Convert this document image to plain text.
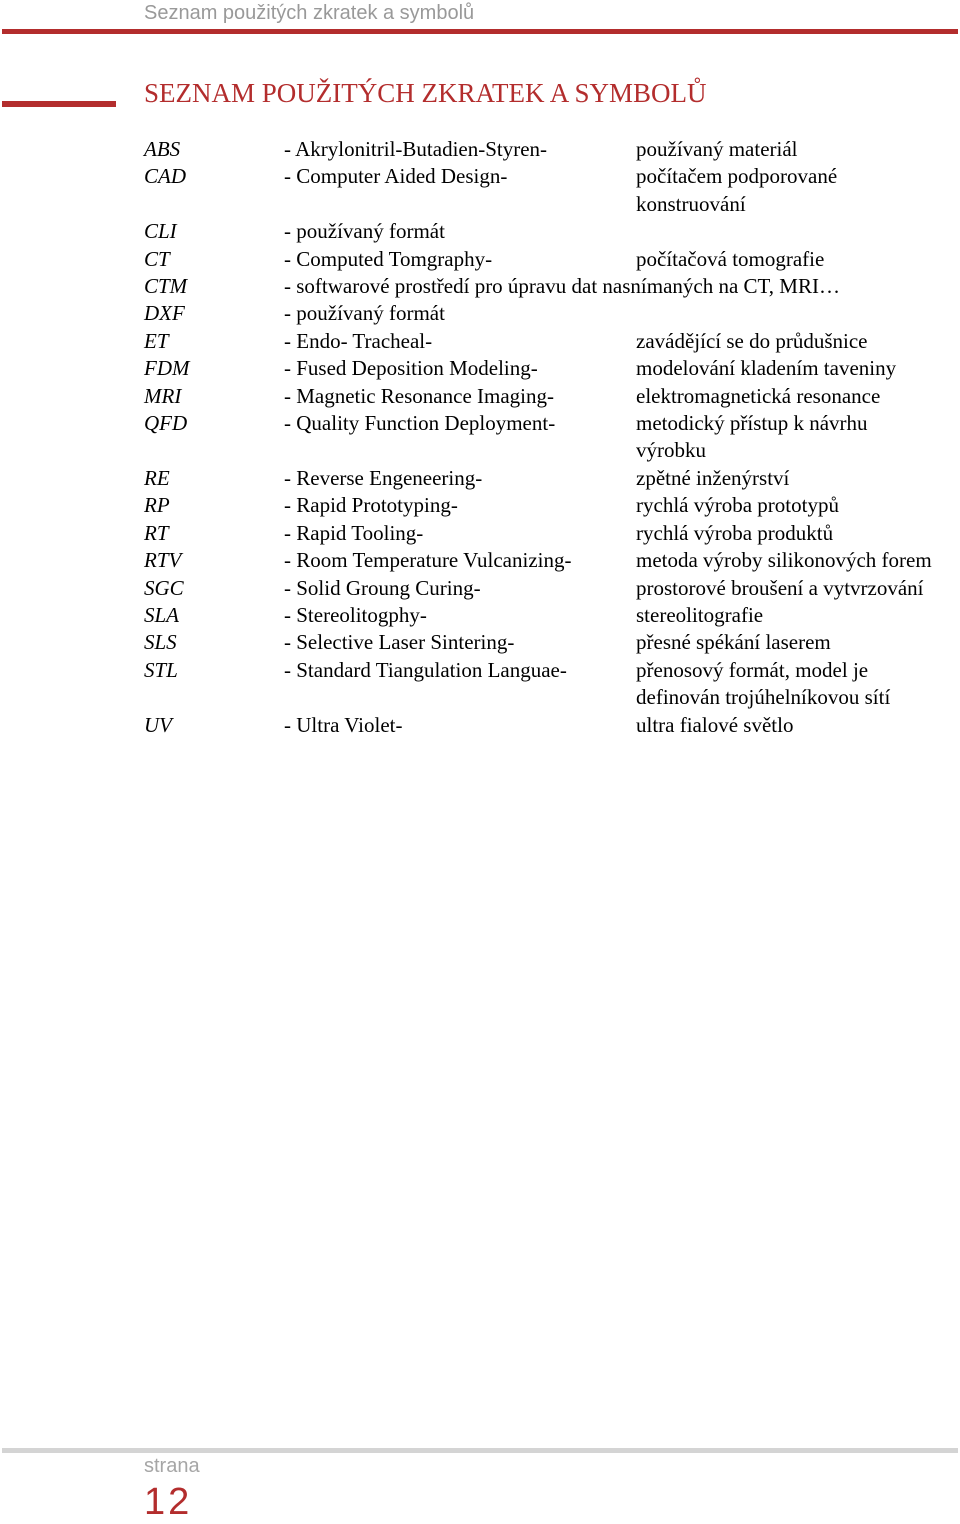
Seznam použitých zkratek a symbolů
SEZNAM POUŽITÝCH ZKRATEK A SYMBOLŮ
ABS	- Akrylonitril-Butadien-Styren-	používaný materiál
CAD	- Computer Aided Design-	počítačem podporované konstruování
CLI	- používaný formát

CT	- Computed Tomgraphy-	počítačová tomografie
CTM	- softwarové prostředí pro úpravu dat nasnímaných na CT, MRI…
DXF	- používaný formát

ET	- Endo- Tracheal-	zavádějící se do průdušnice
FDM	- Fused Deposition Modeling-	modelování kladením taveniny
MRI	- Magnetic Resonance Imaging-	elektromagnetická resonance
QFD	- Quality Function Deployment-	metodický přístup k návrhu výrobku
RE	- Reverse Engeneering-	zpětné inženýrství
RP	- Rapid Prototyping-	rychlá výroba prototypů
RT	- Rapid Tooling-	rychlá výroba produktů
RTV	- Room Temperature Vulcanizing-	metoda výroby silikonových forem
SGC	- Solid Groung Curing-	prostorové broušení a vytvrzování
SLA	- Stereolitogphy-	stereolitografie
SLS	- Selective Laser Sintering-	přesné spékání laserem
STL	- Standard Tiangulation Languae-	přenosový formát, model je definován trojúhelníkovou sítí
UV	- Ultra Violet-	ultra fialové světlo
strana
12
